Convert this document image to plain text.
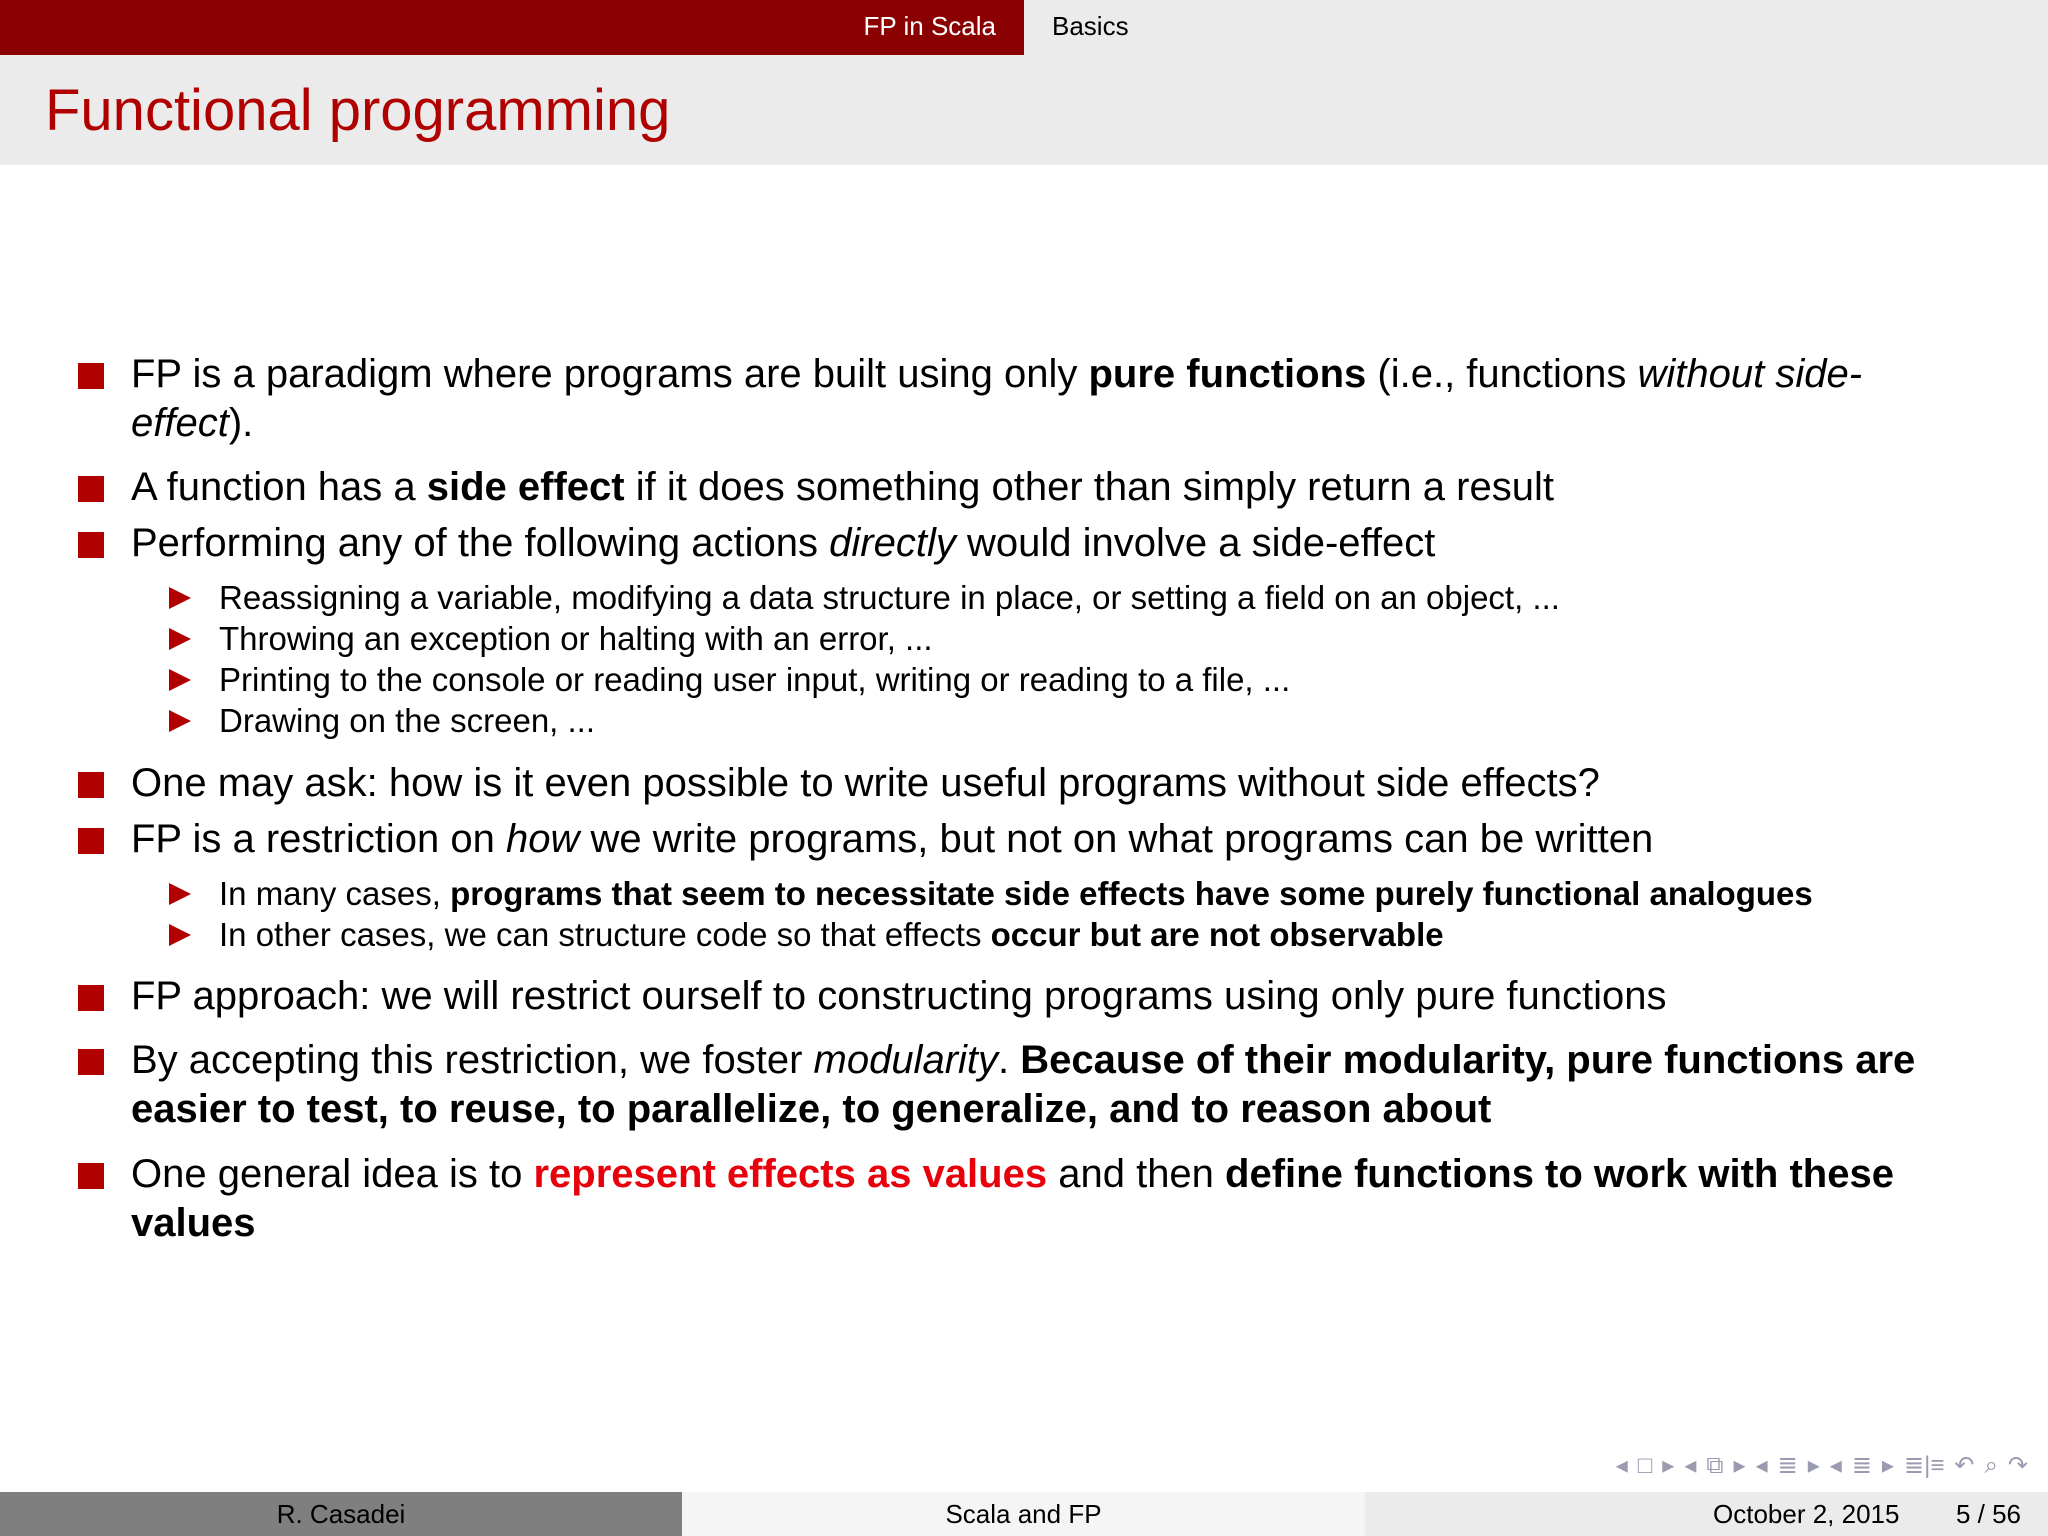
FP in Scala Basics
Functional programming
FP is a paradigm where programs are built using only pure functions (i.e., functions without side-effect).
A function has a side effect if it does something other than simply return a result
Performing any of the following actions directly would involve a side-effect
Reassigning a variable, modifying a data structure in place, or setting a field on an object, ...
Throwing an exception or halting with an error, ...
Printing to the console or reading user input, writing or reading to a file, ...
Drawing on the screen, ...
One may ask: how is it even possible to write useful programs without side effects?
FP is a restriction on how we write programs, but not on what programs can be written
In many cases, programs that seem to necessitate side effects have some purely functional analogues
In other cases, we can structure code so that effects occur but are not observable
FP approach: we will restrict ourself to constructing programs using only pure functions
By accepting this restriction, we foster modularity. Because of their modularity, pure functions are easier to test, to reuse, to parallelize, to generalize, and to reason about
One general idea is to represent effects as values and then define functions to work with these values
◂ □ ▸ ◂ ⧉ ▸ ◂ ≣ ▸ ◂ ≣ ▸ ≣|≡ ↶ ⌕ ↷
R. Casadei	Scala and FP	October 2, 2015 5 / 56
